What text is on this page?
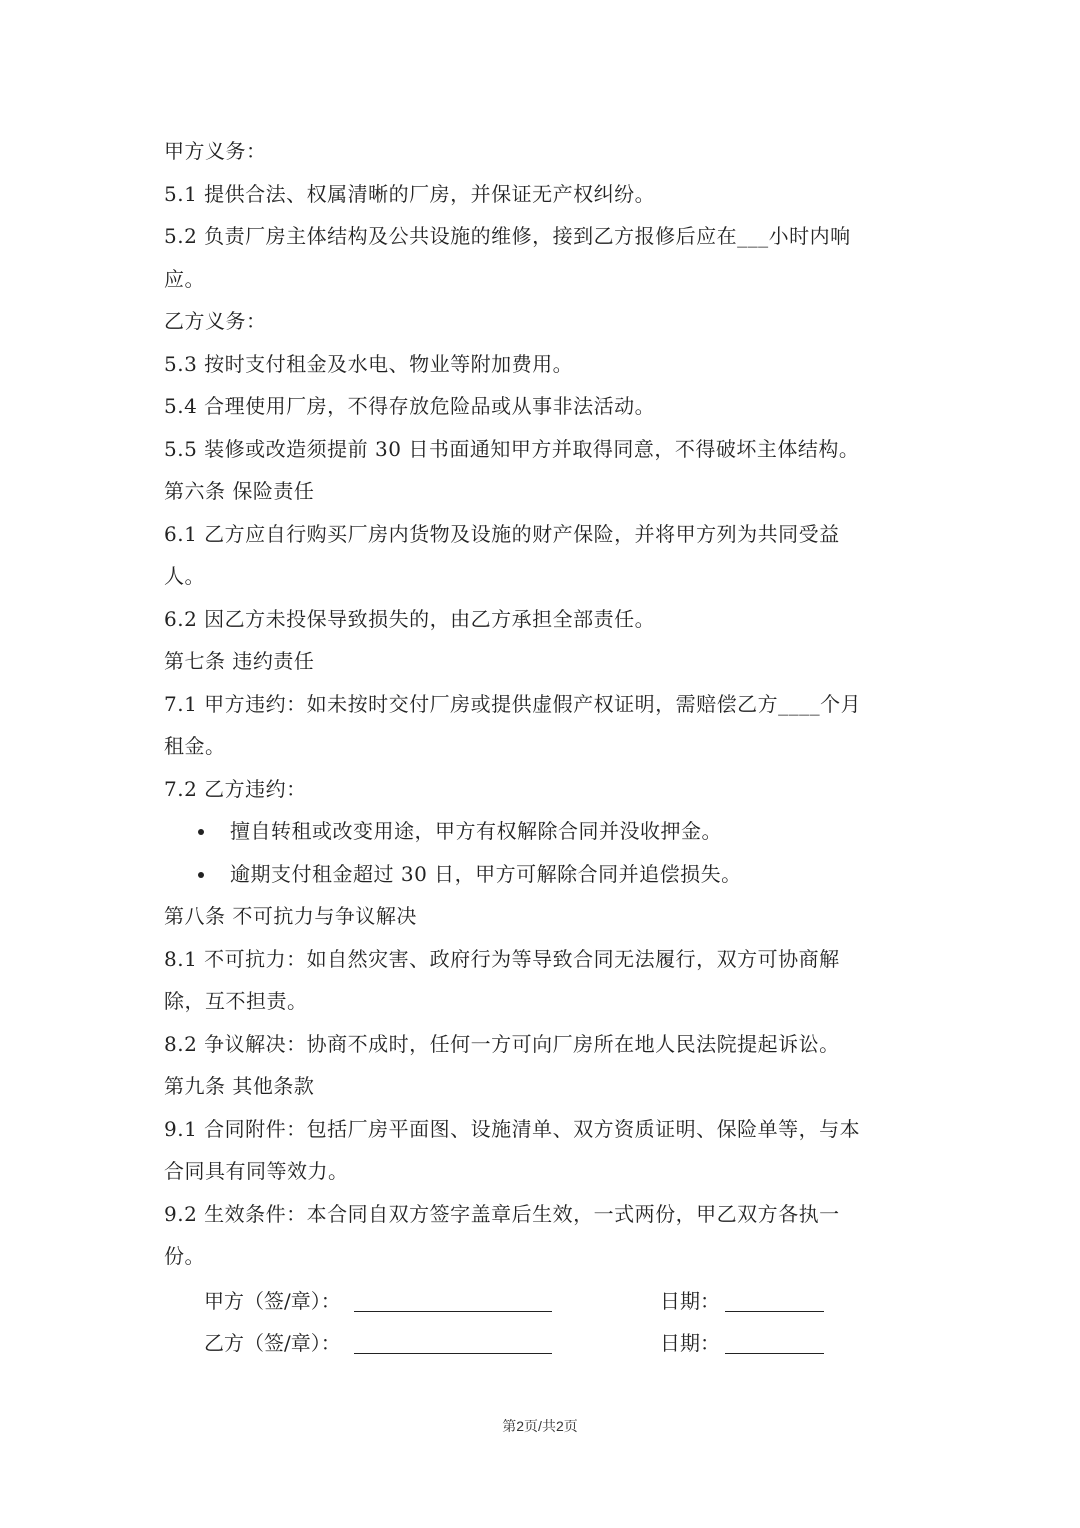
甲方义务：
5.1 提供合法、权属清晰的厂房，并保证无产权纠纷。
5.2 负责厂房主体结构及公共设施的维修，接到乙方报修后应在___小时内响
应。
乙方义务：
5.3 按时支付租金及水电、物业等附加费用。
5.4 合理使用厂房，不得存放危险品或从事非法活动。
5.5 装修或改造须提前 30 日书面通知甲方并取得同意，不得破坏主体结构。
第六条 保险责任
6.1 乙方应自行购买厂房内货物及设施的财产保险，并将甲方列为共同受益
人。
6.2 因乙方未投保导致损失的，由乙方承担全部责任。
第七条 违约责任
7.1 甲方违约：如未按时交付厂房或提供虚假产权证明，需赔偿乙方____个月
租金。
7.2 乙方违约：
擅自转租或改变用途，甲方有权解除合同并没收押金。
逾期支付租金超过 30 日，甲方可解除合同并追偿损失。
第八条 不可抗力与争议解决
8.1 不可抗力：如自然灾害、政府行为等导致合同无法履行，双方可协商解
除，互不担责。
8.2 争议解决：协商不成时，任何一方可向厂房所在地人民法院提起诉讼。
第九条 其他条款
9.1 合同附件：包括厂房平面图、设施清单、双方资质证明、保险单等，与本
合同具有同等效力。
9.2 生效条件：本合同自双方签字盖章后生效，一式两份，甲乙双方各执一
份。
甲方（签/章）：	日期：
乙方（签/章）：	日期：
第2页/共2页
